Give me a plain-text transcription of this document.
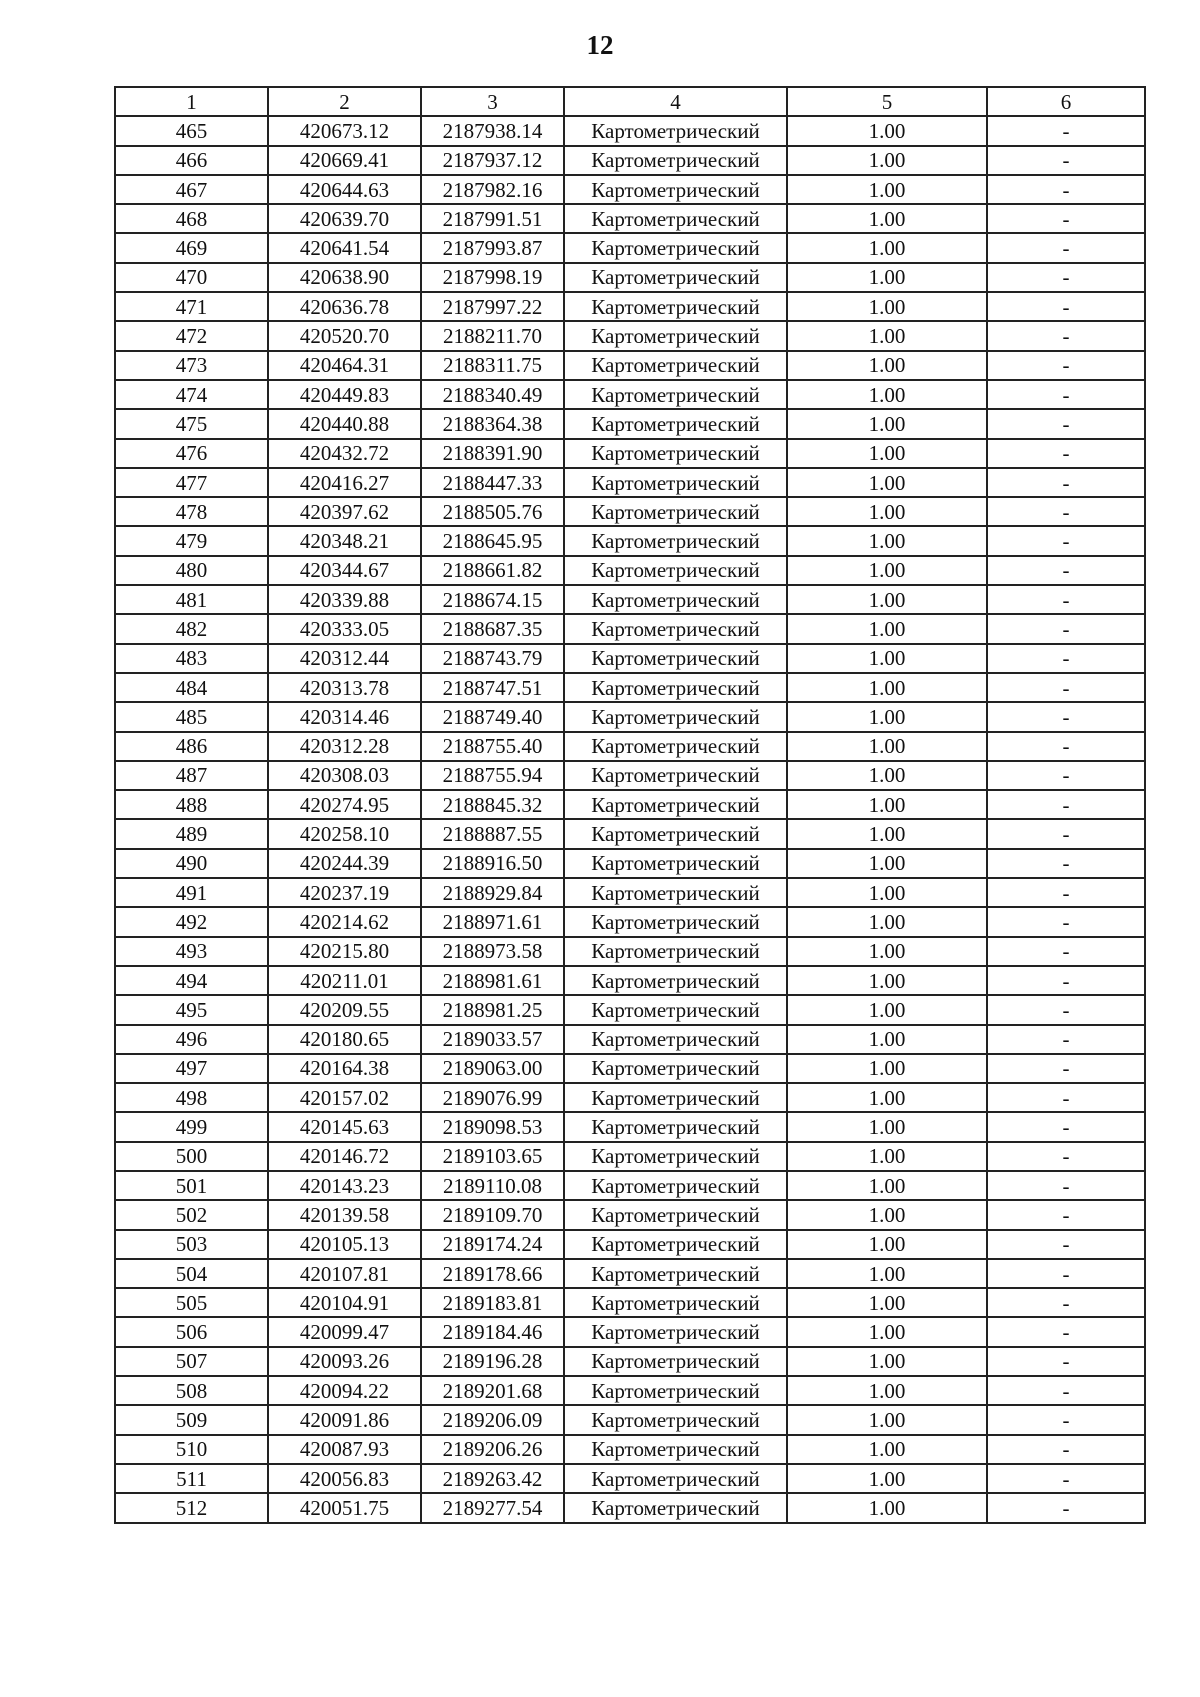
12
1	2	3	4	5	6
465	420673.12	2187938.14	Картометрический	1.00	-
466	420669.41	2187937.12	Картометрический	1.00	-
467	420644.63	2187982.16	Картометрический	1.00	-
468	420639.70	2187991.51	Картометрический	1.00	-
469	420641.54	2187993.87	Картометрический	1.00	-
470	420638.90	2187998.19	Картометрический	1.00	-
471	420636.78	2187997.22	Картометрический	1.00	-
472	420520.70	2188211.70	Картометрический	1.00	-
473	420464.31	2188311.75	Картометрический	1.00	-
474	420449.83	2188340.49	Картометрический	1.00	-
475	420440.88	2188364.38	Картометрический	1.00	-
476	420432.72	2188391.90	Картометрический	1.00	-
477	420416.27	2188447.33	Картометрический	1.00	-
478	420397.62	2188505.76	Картометрический	1.00	-
479	420348.21	2188645.95	Картометрический	1.00	-
480	420344.67	2188661.82	Картометрический	1.00	-
481	420339.88	2188674.15	Картометрический	1.00	-
482	420333.05	2188687.35	Картометрический	1.00	-
483	420312.44	2188743.79	Картометрический	1.00	-
484	420313.78	2188747.51	Картометрический	1.00	-
485	420314.46	2188749.40	Картометрический	1.00	-
486	420312.28	2188755.40	Картометрический	1.00	-
487	420308.03	2188755.94	Картометрический	1.00	-
488	420274.95	2188845.32	Картометрический	1.00	-
489	420258.10	2188887.55	Картометрический	1.00	-
490	420244.39	2188916.50	Картометрический	1.00	-
491	420237.19	2188929.84	Картометрический	1.00	-
492	420214.62	2188971.61	Картометрический	1.00	-
493	420215.80	2188973.58	Картометрический	1.00	-
494	420211.01	2188981.61	Картометрический	1.00	-
495	420209.55	2188981.25	Картометрический	1.00	-
496	420180.65	2189033.57	Картометрический	1.00	-
497	420164.38	2189063.00	Картометрический	1.00	-
498	420157.02	2189076.99	Картометрический	1.00	-
499	420145.63	2189098.53	Картометрический	1.00	-
500	420146.72	2189103.65	Картометрический	1.00	-
501	420143.23	2189110.08	Картометрический	1.00	-
502	420139.58	2189109.70	Картометрический	1.00	-
503	420105.13	2189174.24	Картометрический	1.00	-
504	420107.81	2189178.66	Картометрический	1.00	-
505	420104.91	2189183.81	Картометрический	1.00	-
506	420099.47	2189184.46	Картометрический	1.00	-
507	420093.26	2189196.28	Картометрический	1.00	-
508	420094.22	2189201.68	Картометрический	1.00	-
509	420091.86	2189206.09	Картометрический	1.00	-
510	420087.93	2189206.26	Картометрический	1.00	-
511	420056.83	2189263.42	Картометрический	1.00	-
512	420051.75	2189277.54	Картометрический	1.00	-
